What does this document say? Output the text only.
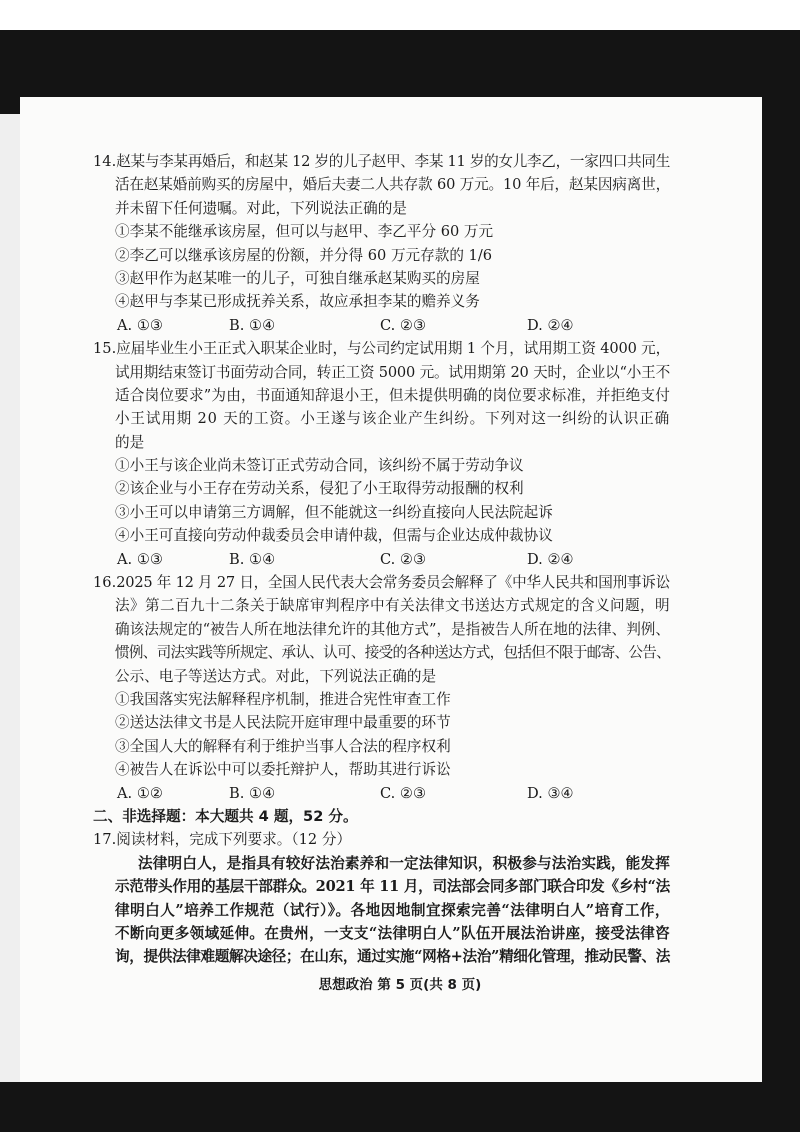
14.赵某与李某再婚后，和赵某 12 岁的儿子赵甲、李某 11 岁的女儿李乙，一家四口共同生
活在赵某婚前购买的房屋中，婚后夫妻二人共存款 60 万元。10 年后，赵某因病离世，
并未留下任何遗嘱。对此，下列说法正确的是
①李某不能继承该房屋，但可以与赵甲、李乙平分 60 万元
②李乙可以继承该房屋的份额，并分得 60 万元存款的 1/6
③赵甲作为赵某唯一的儿子，可独自继承赵某购买的房屋
④赵甲与李某已形成抚养关系，故应承担李某的赡养义务
A. ①③	B. ①④	C. ②③	D. ②④
15.应届毕业生小王正式入职某企业时，与公司约定试用期 1 个月，试用期工资 4000 元，
试用期结束签订书面劳动合同，转正工资 5000 元。试用期第 20 天时，企业以“小王不
适合岗位要求”为由，书面通知辞退小王，但未提供明确的岗位要求标准，并拒绝支付
小王试用期 20 天的工资。小王遂与该企业产生纠纷。下列对这一纠纷的认识正确
的是
①小王与该企业尚未签订正式劳动合同，该纠纷不属于劳动争议
②该企业与小王存在劳动关系，侵犯了小王取得劳动报酬的权利
③小王可以申请第三方调解，但不能就这一纠纷直接向人民法院起诉
④小王可直接向劳动仲裁委员会申请仲裁，但需与企业达成仲裁协议
A. ①③	B. ①④	C. ②③	D. ②④
16.2025 年 12 月 27 日，全国人民代表大会常务委员会解释了《中华人民共和国刑事诉讼
法》第二百九十二条关于缺席审判程序中有关法律文书送达方式规定的含义问题，明
确该法规定的“被告人所在地法律允许的其他方式”，是指被告人所在地的法律、判例、
惯例、司法实践等所规定、承认、认可、接受的各种送达方式，包括但不限于邮寄、公告、
公示、电子等送达方式。对此，下列说法正确的是
①我国落实宪法解释程序机制，推进合宪性审查工作
②送达法律文书是人民法院开庭审理中最重要的环节
③全国人大的解释有利于维护当事人合法的程序权利
④被告人在诉讼中可以委托辩护人，帮助其进行诉讼
A. ①②	B. ①④	C. ②③	D. ③④
二、非选择题：本大题共 4 题，52 分。
17.阅读材料，完成下列要求。（12 分）
法律明白人，是指具有较好法治素养和一定法律知识，积极参与法治实践，能发挥
示范带头作用的基层干部群众。2021 年 11 月，司法部会同多部门联合印发《乡村“法
律明白人”培养工作规范（试行）》。各地因地制宜探索完善“法律明白人”培育工作，
不断向更多领域延伸。在贵州，一支支“法律明白人”队伍开展法治讲座，接受法律咨
询，提供法律难题解决途径；在山东，通过实施“网格+法治”精细化管理，推动民警、法
思想政治 第 5 页(共 8 页)
